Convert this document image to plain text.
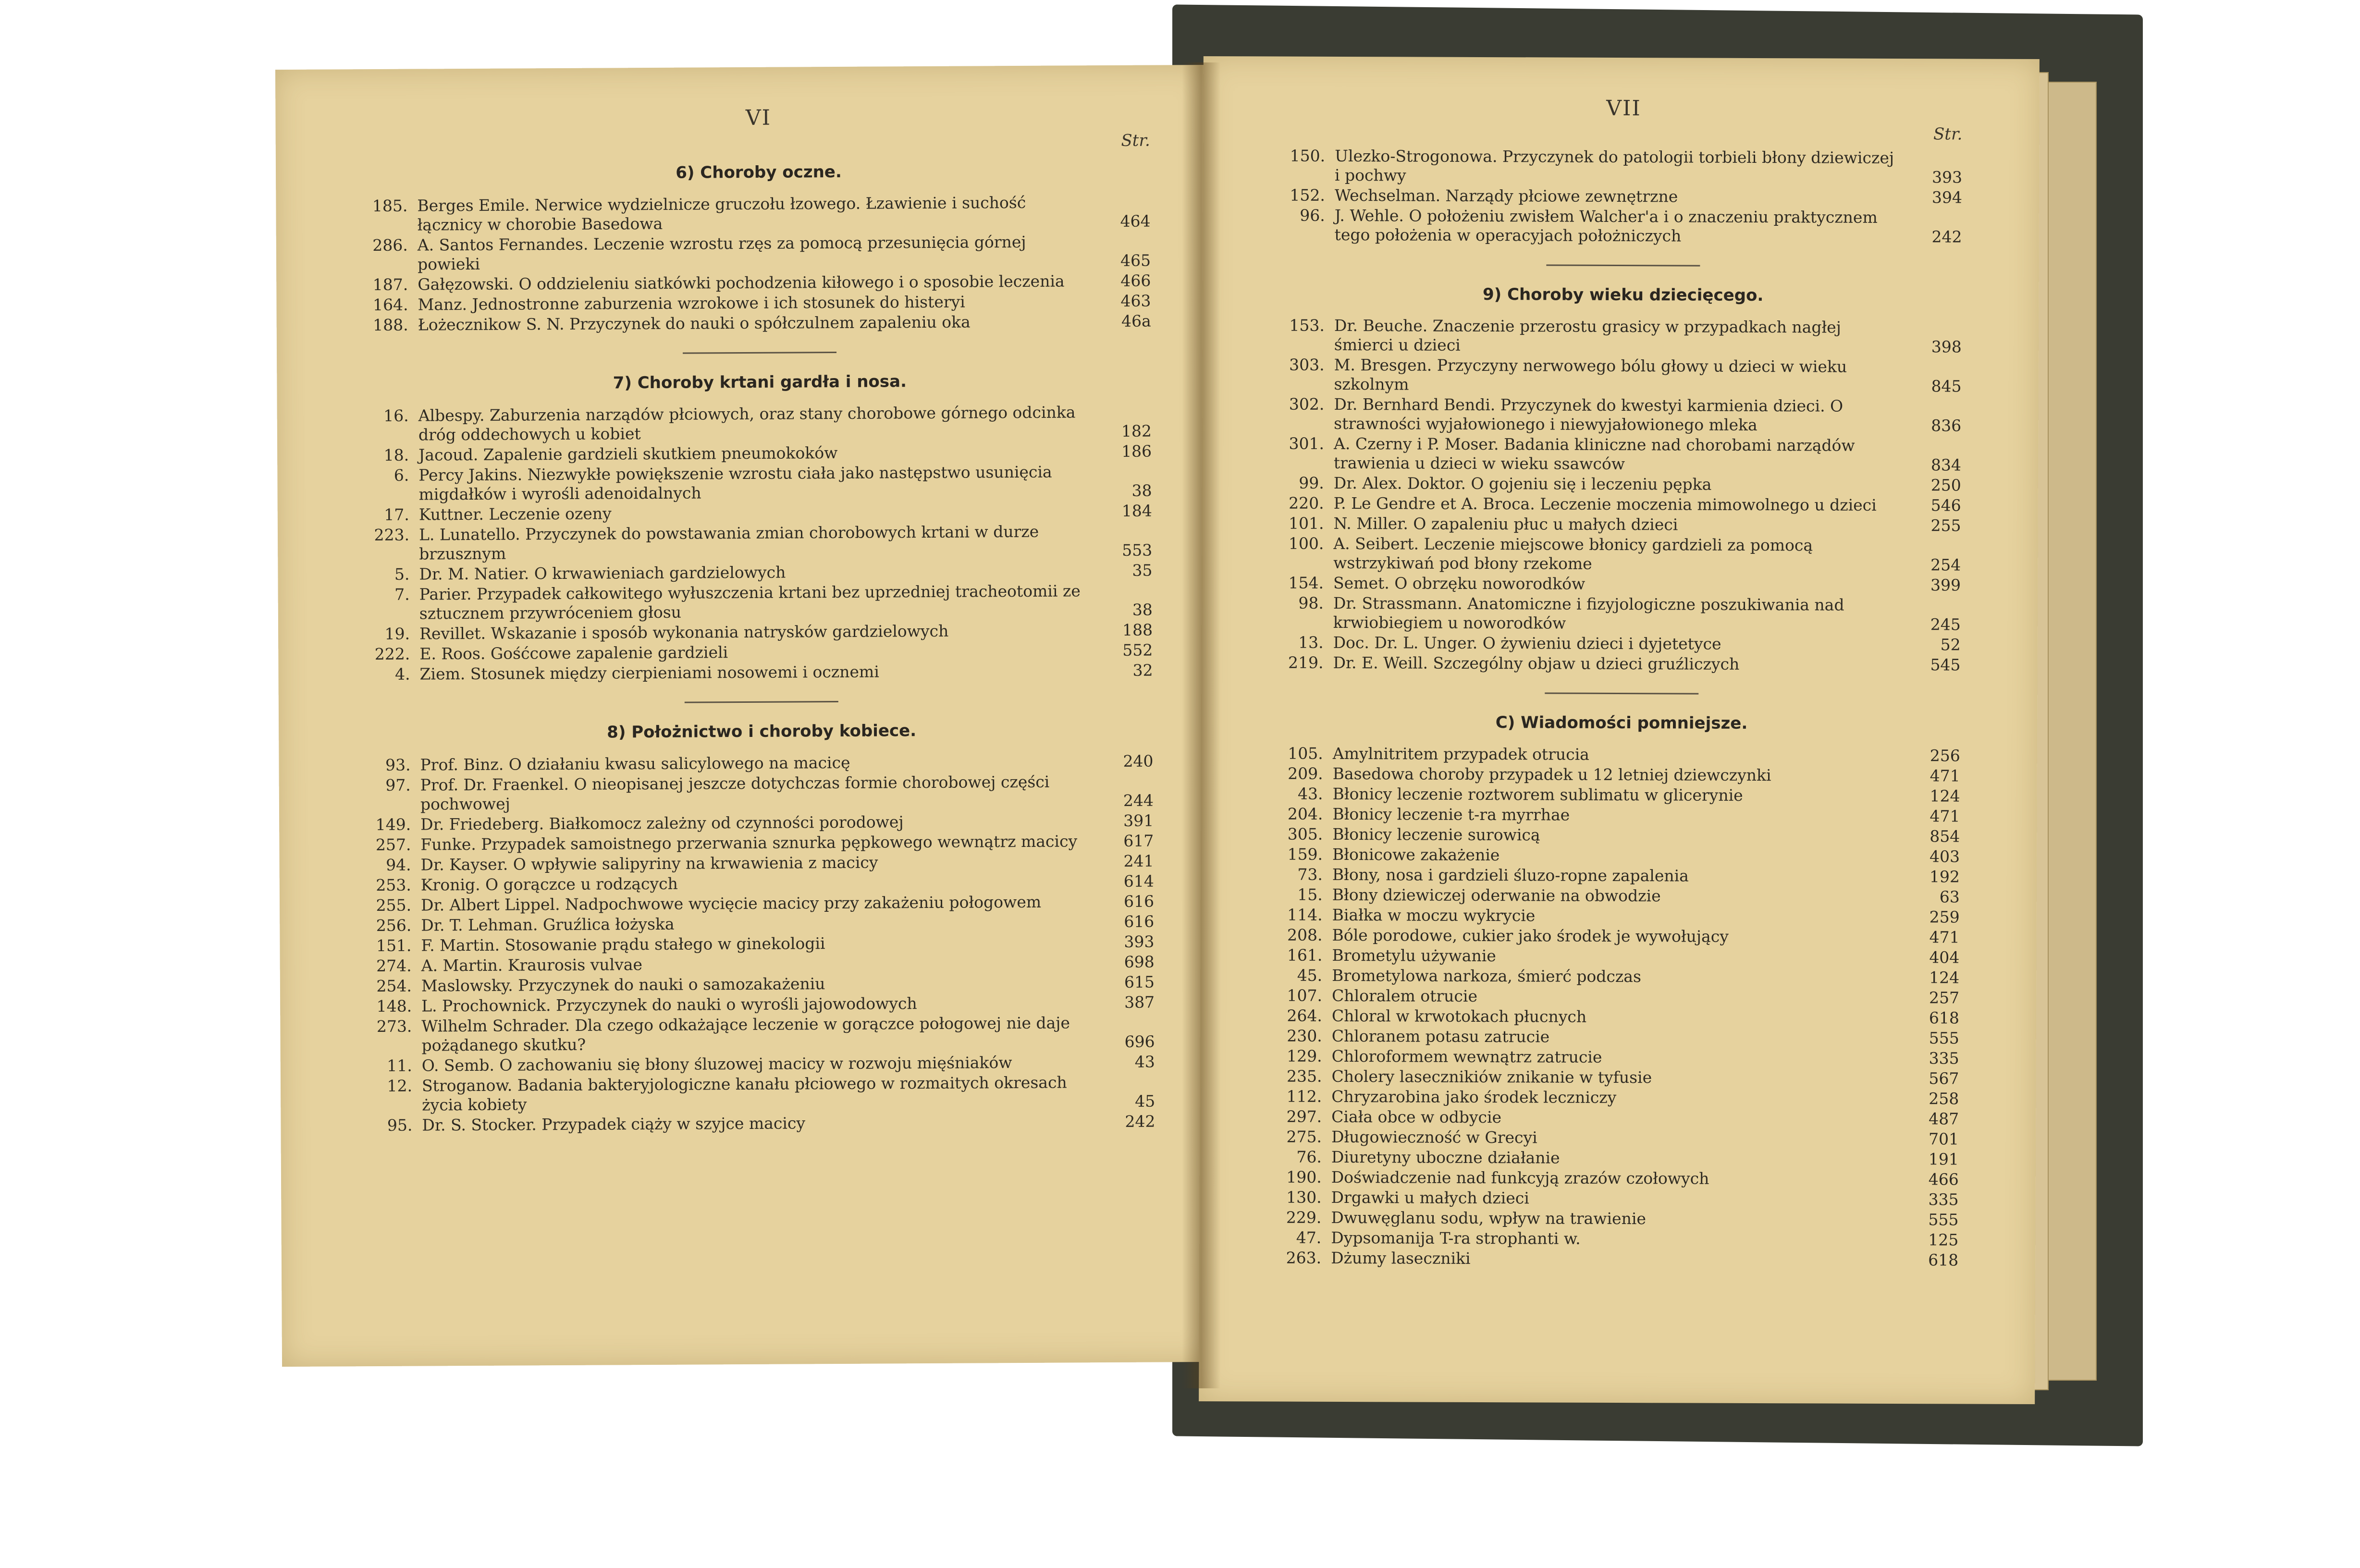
VI
Str.
6) Choroby oczne.
185. Berges Emile. Nerwice wydzielnicze gruczołu łzowego. Łzawienie i suchość łącznicy w chorobie Basedowa	464
286. A. Santos Fernandes. Leczenie wzrostu rzęs za pomocą przesunięcia górnej powieki	465
187. Gałęzowski. O oddzieleniu siatkówki pochodzenia kiłowego i o sposobie leczenia	466
164. Manz. Jednostronne zaburzenia wzrokowe i ich stosunek do histeryi	463
188. Łożecznikow S. N. Przyczynek do nauki o spółczulnem zapaleniu oka	46a
7) Choroby krtani gardła i nosa.
16. Albespy. Zaburzenia narządów płciowych, oraz stany chorobowe górnego odcinka dróg oddechowych u kobiet	182
18. Jacoud. Zapalenie gardzieli skutkiem pneumokoków	186
6. Percy Jakins. Niezwykłe powiększenie wzrostu ciała jako następstwo usunięcia migdałków i wyrośli adenoidalnych	38
17. Kuttner. Leczenie ozeny	184
223. L. Lunatello. Przyczynek do powstawania zmian chorobowych krtani w durze brzusznym	553
5. Dr. M. Natier. O krwawieniach gardzielowych	35
7. Parier. Przypadek całkowitego wyłuszczenia krtani bez uprzedniej tracheotomii ze sztucznem przywróceniem głosu	38
19. Revillet. Wskazanie i sposób wykonania natrysków gardzielowych	188
222. E. Roos. Gośćcowe zapalenie gardzieli	552
4. Ziem. Stosunek między cierpieniami nosowemi i ocznemi	32
8) Położnictwo i choroby kobiece.
93. Prof. Binz. O działaniu kwasu salicylowego na macicę	240
97. Prof. Dr. Fraenkel. O nieopisanej jeszcze dotychczas formie chorobowej części pochwowej	244
149. Dr. Friedeberg. Białkomocz zależny od czynności porodowej	391
257. Funke. Przypadek samoistnego przerwania sznurka pępkowego wewnątrz macicy	617
94. Dr. Kayser. O wpływie salipyriny na krwawienia z macicy	241
253. Kronig. O gorączce u rodzących	614
255. Dr. Albert Lippel. Nadpochwowe wycięcie macicy przy zakażeniu połogowem	616
256. Dr. T. Lehman. Gruźlica łożyska	616
151. F. Martin. Stosowanie prądu stałego w ginekologii	393
274. A. Martin. Kraurosis vulvae	698
254. Maslowsky. Przyczynek do nauki o samozakażeniu	615
148. L. Prochownick. Przyczynek do nauki o wyrośli jajowodowych	387
273. Wilhelm Schrader. Dla czego odkażające leczenie w gorączce połogowej nie daje pożądanego skutku?	696
11. O. Semb. O zachowaniu się błony śluzowej macicy w rozwoju mięśniaków	43
12. Stroganow. Badania bakteryjologiczne kanału płciowego w rozmaitych okresach życia kobiety	45
95. Dr. S. Stocker. Przypadek ciąży w szyjce macicy	242
VII
Str.
150. Ulezko-Strogonowa. Przyczynek do patologii torbieli błony dziewiczej i pochwy	393
152. Wechselman. Narządy płciowe zewnętrzne	394
96. J. Wehle. O położeniu zwisłem Walcher'a i o znaczeniu praktycznem tego położenia w operacyjach położniczych	242
9) Choroby wieku dziecięcego.
153. Dr. Beuche. Znaczenie przerostu grasicy w przypadkach nagłej śmierci u dzieci	398
303. M. Bresgen. Przyczyny nerwowego bólu głowy u dzieci w wieku szkolnym	845
302. Dr. Bernhard Bendi. Przyczynek do kwestyi karmienia dzieci. O strawności wyjałowionego i niewyjałowionego mleka	836
301. A. Czerny i P. Moser. Badania kliniczne nad chorobami narządów trawienia u dzieci w wieku ssawców	834
99. Dr. Alex. Doktor. O gojeniu się i leczeniu pępka	250
220. P. Le Gendre et A. Broca. Leczenie moczenia mimowolnego u dzieci	546
101. N. Miller. O zapaleniu płuc u małych dzieci	255
100. A. Seibert. Leczenie miejscowe błonicy gardzieli za pomocą wstrzykiwań pod błony rzekome	254
154. Semet. O obrzęku noworodków	399
98. Dr. Strassmann. Anatomiczne i fizyjologiczne poszukiwania nad krwiobiegiem u noworodków	245
13. Doc. Dr. L. Unger. O żywieniu dzieci i dyjetetyce	52
219. Dr. E. Weill. Szczególny objaw u dzieci gruźliczych	545
C) Wiadomości pomniejsze.
105. Amylnitritem przypadek otrucia	256
209. Basedowa choroby przypadek u 12 letniej dziewczynki	471
43. Błonicy leczenie roztworem sublimatu w glicerynie	124
204. Błonicy leczenie t-ra myrrhae	471
305. Błonicy leczenie surowicą	854
159. Błonicowe zakażenie	403
73. Błony, nosa i gardzieli śluzo-ropne zapalenia	192
15. Błony dziewiczej oderwanie na obwodzie	63
114. Białka w moczu wykrycie	259
208. Bóle porodowe, cukier jako środek je wywołujący	471
161. Brometylu używanie	404
45. Brometylowa narkoza, śmierć podczas	124
107. Chloralem otrucie	257
264. Chloral w krwotokach płucnych	618
230. Chloranem potasu zatrucie	555
129. Chloroformem wewnątrz zatrucie	335
235. Cholery lasecznikiów znikanie w tyfusie	567
112. Chryzarobina jako środek leczniczy	258
297. Ciała obce w odbycie	487
275. Długowieczność w Grecyi	701
76. Diuretyny uboczne działanie	191
190. Doświadczenie nad funkcyją zrazów czołowych	466
130. Drgawki u małych dzieci	335
229. Dwuwęglanu sodu, wpływ na trawienie	555
47. Dypsomanija T-ra strophanti w.	125
263. Dżumy laseczniki	618
